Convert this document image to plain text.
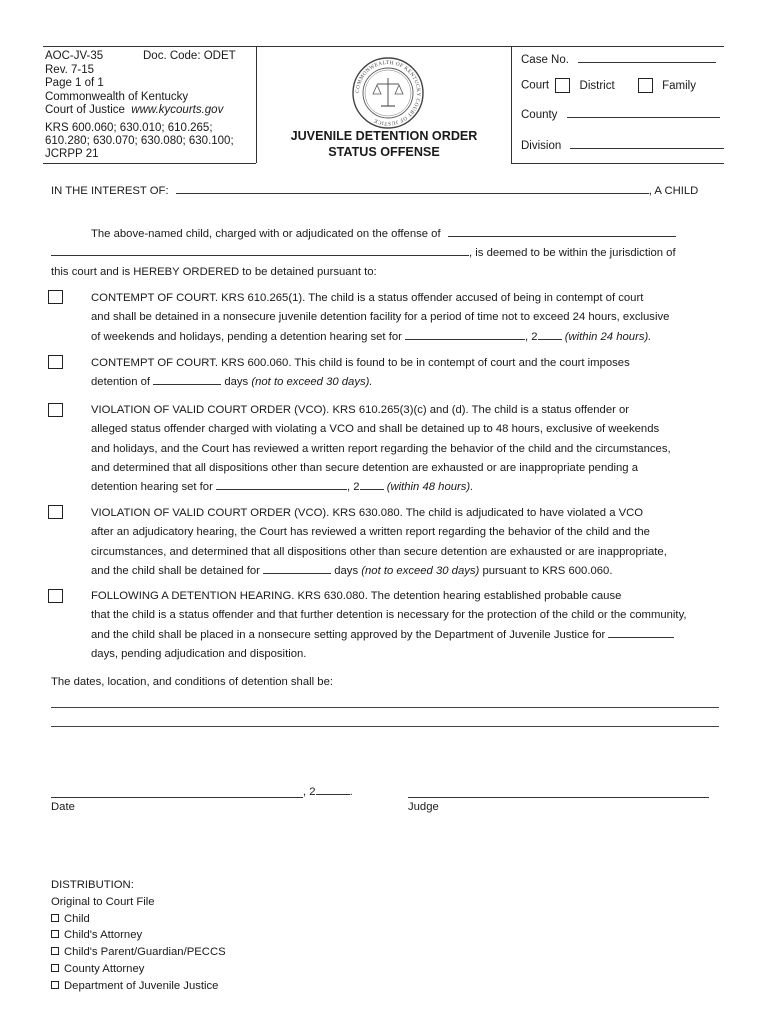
AOC-JV-35	Doc. Code: ODET
Rev. 7-15
Page 1 of 1
Commonwealth of Kentucky
Court of Justice www.kycourts.gov
KRS 600.060; 630.010; 610.265;
610.280; 630.070; 630.080; 630.100;
JCRPP 21
COMMONWEALTH OF KENTUCKY COURT OF JUSTICE
JUVENILE DETENTION ORDER
STATUS OFFENSE
Case No.
Court	District	Family
County
Division
IN THE INTEREST OF:	, A CHILD
The above-named child, charged with or adjudicated on the offense of
, is deemed to be within the jurisdiction of
this court and is HEREBY ORDERED to be detained pursuant to:
CONTEMPT OF COURT. KRS 610.265(1). The child is a status offender accused of being in contempt of court
and shall be detained in a nonsecure juvenile detention facility for a period of time not to exceed 24 hours, exclusive
of weekends and holidays, pending a detention hearing set for	, 2 (within 24 hours).
CONTEMPT OF COURT. KRS 600.060. This child is found to be in contempt of court and the court imposes
detention of	days (not to exceed 30 days).
VIOLATION OF VALID COURT ORDER (VCO). KRS 610.265(3)(c) and (d). The child is a status offender or
alleged status offender charged with violating a VCO and shall be detained up to 48 hours, exclusive of weekends
and holidays, and the Court has reviewed a written report regarding the behavior of the child and the circumstances,
and determined that all dispositions other than secure detention are exhausted or are inappropriate pending a
detention hearing set for	, 2 (within 48 hours).
VIOLATION OF VALID COURT ORDER (VCO). KRS 630.080. The child is adjudicated to have violated a VCO
after an adjudicatory hearing, the Court has reviewed a written report regarding the behavior of the child and the
circumstances, and determined that all dispositions other than secure detention are exhausted or are inappropriate,
and the child shall be detained for	days (not to exceed 30 days) pursuant to KRS 600.060.
FOLLOWING A DETENTION HEARING. KRS 630.080. The detention hearing established probable cause
that the child is a status offender and that further detention is necessary for the protection of the child or the community,
and the child shall be placed in a nonsecure setting approved by the Department of Juvenile Justice for
days, pending adjudication and disposition.
The dates, location, and conditions of detention shall be:
, 2	.
Date	Judge
DISTRIBUTION:
Original to Court File
Child
Child's Attorney
Child's Parent/Guardian/PECCS
County Attorney
Department of Juvenile Justice
